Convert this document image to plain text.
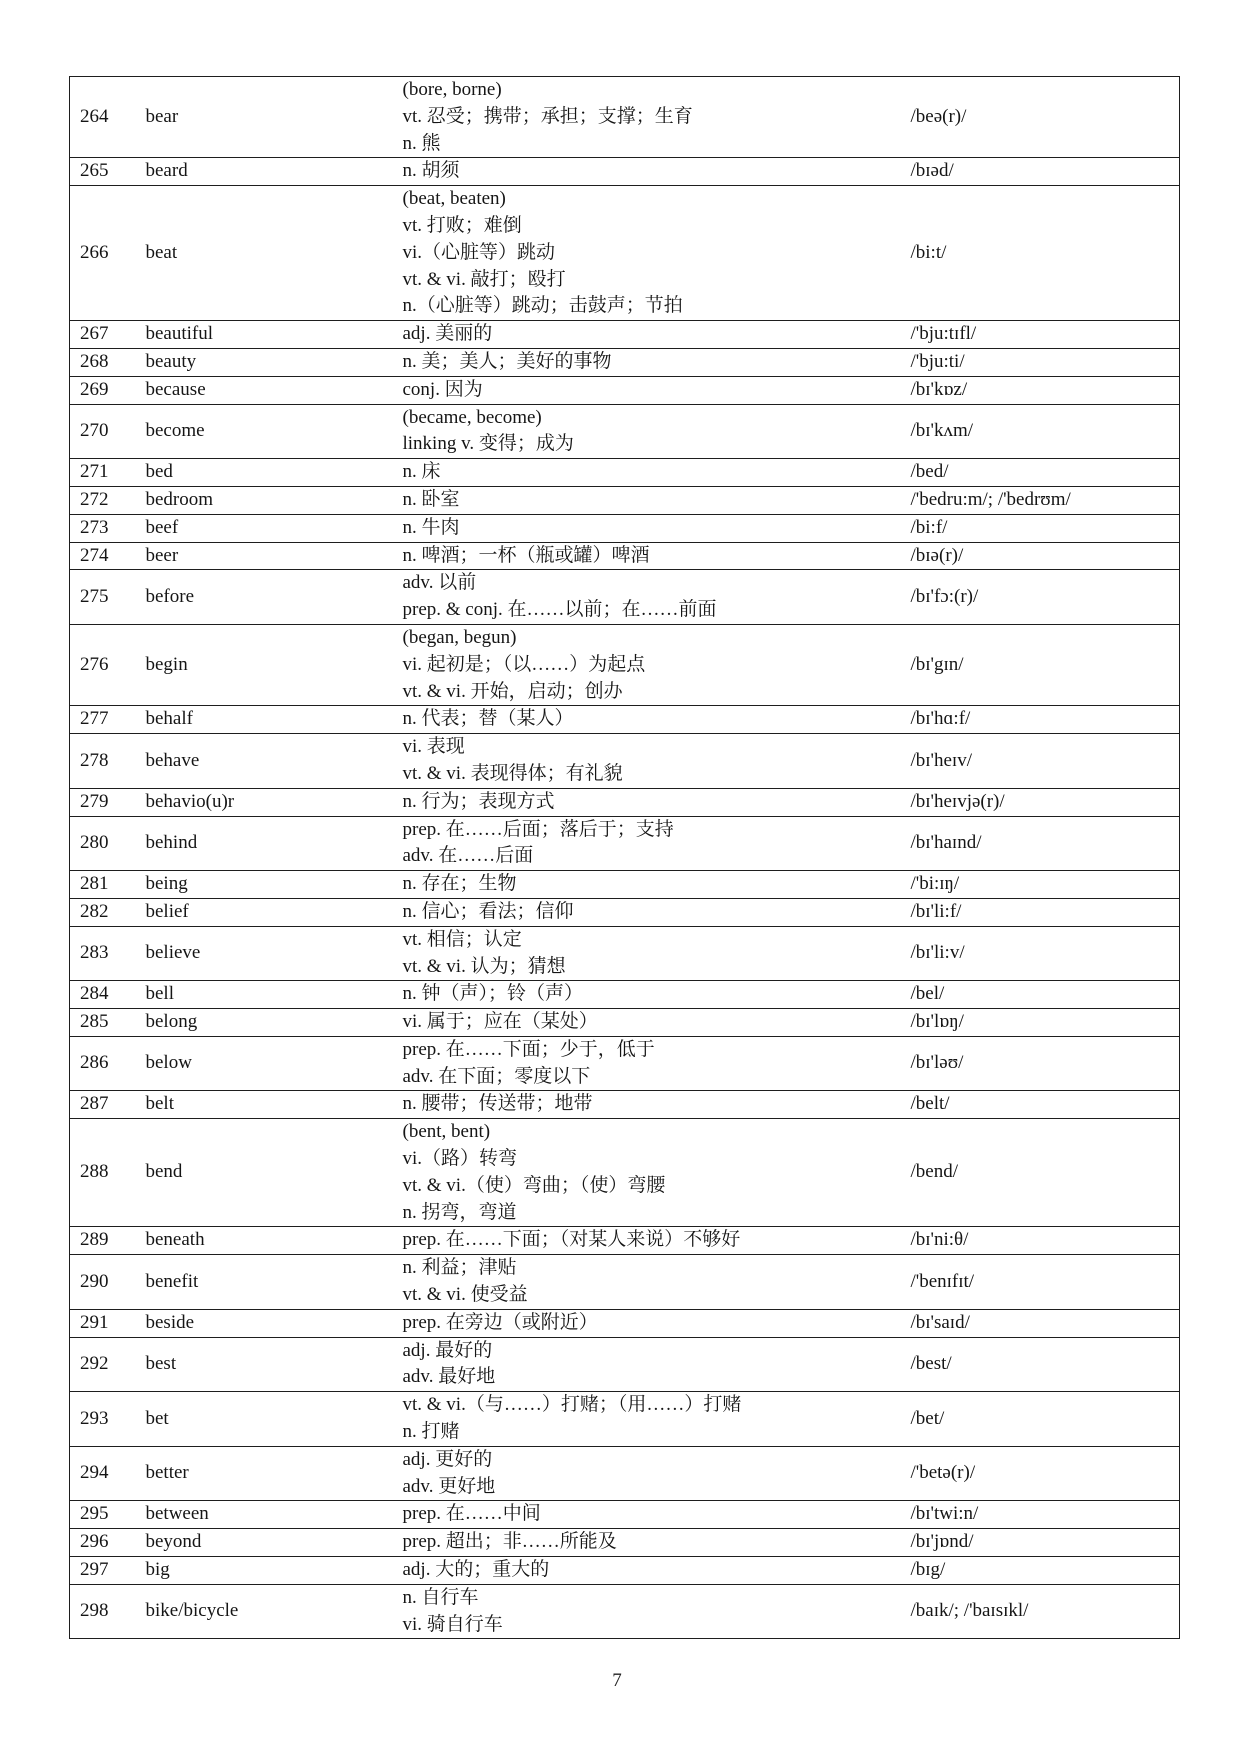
264	bear	(bore, borne)
vt. 忍受；携带；承担；支撑；生育
n. 熊	/beə(r)/
265	beard	n. 胡须	/bɪəd/
266	beat	(beat, beaten)
vt. 打败；难倒
vi.（心脏等）跳动
vt. & vi. 敲打；殴打
n.（心脏等）跳动；击鼓声；节拍	/bi:t/
267	beautiful	adj. 美丽的	/'bju:tɪfl/
268	beauty	n. 美；美人；美好的事物	/'bju:ti/
269	because	conj. 因为	/bɪ'kɒz/
270	become	(became, become)
linking v. 变得；成为	/bɪ'kʌm/
271	bed	n. 床	/bed/
272	bedroom	n. 卧室	/'bedru:m/; /'bedrʊm/
273	beef	n. 牛肉	/bi:f/
274	beer	n. 啤酒；一杯（瓶或罐）啤酒	/bɪə(r)/
275	before	adv. 以前
prep. & conj. 在……以前；在……前面	/bɪ'fɔ:(r)/
276	begin	(began, begun)
vi. 起初是；（以……）为起点
vt. & vi. 开始，启动；创办	/bɪ'gɪn/
277	behalf	n. 代表；替（某人）	/bɪ'hɑ:f/
278	behave	vi. 表现
vt. & vi. 表现得体；有礼貌	/bɪ'heɪv/
279	behavio(u)r	n. 行为；表现方式	/bɪ'heɪvjə(r)/
280	behind	prep. 在……后面；落后于；支持
adv. 在……后面	/bɪ'haɪnd/
281	being	n. 存在；生物	/'bi:ɪŋ/
282	belief	n. 信心；看法；信仰	/bɪ'li:f/
283	believe	vt. 相信；认定
vt. & vi. 认为；猜想	/bɪ'li:v/
284	bell	n. 钟（声）；铃（声）	/bel/
285	belong	vi. 属于；应在（某处）	/bɪ'lɒŋ/
286	below	prep. 在……下面；少于，低于
adv. 在下面；零度以下	/bɪ'ləʊ/
287	belt	n. 腰带；传送带；地带	/belt/
288	bend	(bent, bent)
vi.（路）转弯
vt. & vi.（使）弯曲；（使）弯腰
n. 拐弯，弯道	/bend/
289	beneath	prep. 在……下面；（对某人来说）不够好	/bɪ'ni:θ/
290	benefit	n. 利益；津贴
vt. & vi. 使受益	/'benɪfɪt/
291	beside	prep. 在旁边（或附近）	/bɪ'saɪd/
292	best	adj. 最好的
adv. 最好地	/best/
293	bet	vt. & vi.（与……）打赌；（用……）打赌
n. 打赌	/bet/
294	better	adj. 更好的
adv. 更好地	/'betə(r)/
295	between	prep. 在……中间	/bɪ'twi:n/
296	beyond	prep. 超出；非……所能及	/bɪ'jɒnd/
297	big	adj. 大的；重大的	/bɪg/
298	bike/bicycle	n. 自行车
vi. 骑自行车	/baɪk/; /'baɪsɪkl/
7
